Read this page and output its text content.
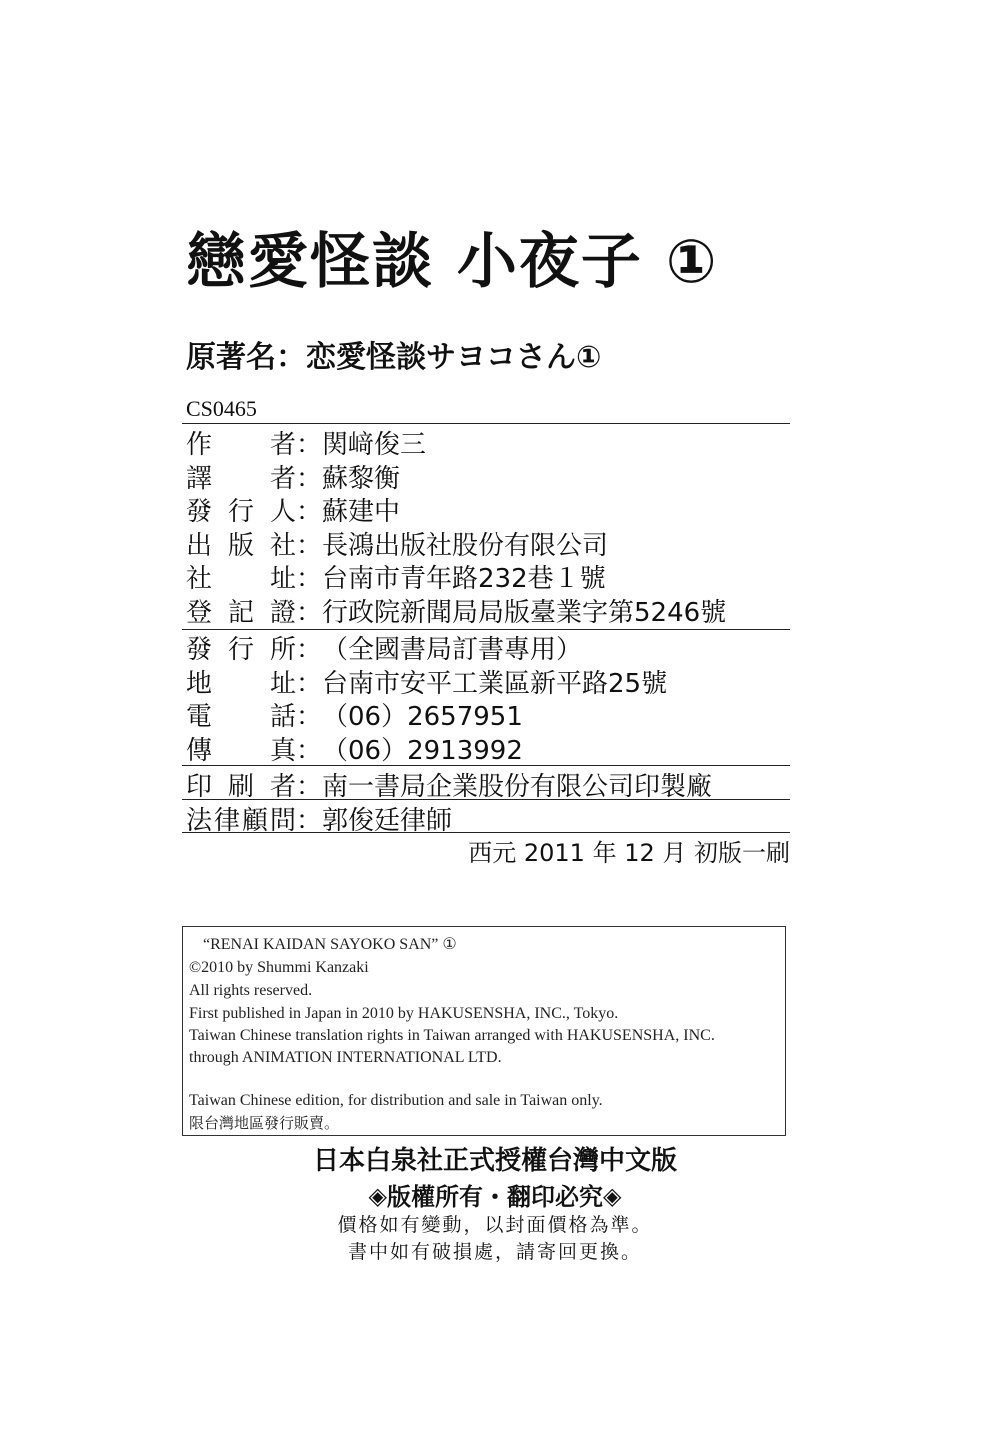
戀愛怪談 小夜子 ①
原著名：恋愛怪談サヨコさん①
CS0465
作 者 ： 関﨑俊三
譯 者 ： 蘇黎衡
發 行 人 ： 蘇建中
出 版 社 ： 長鴻出版社股份有限公司
社 址 ： 台南市青年路232巷１號
登 記 證 ： 行政院新聞局局版臺業字第5246號
發 行 所 ： （全國書局訂書專用）
地 址 ： 台南市安平工業區新平路25號
電 話 ： （06）2657951
傳 真 ： （06）2913992
印 刷 者 ： 南一書局企業股份有限公司印製廠
法 律 顧 問 ： 郭俊廷律師
西元 2011 年 12 月 初版一刷
“RENAI KAIDAN SAYOKO SAN” ①
©2010 by Shummi Kanzaki
All rights reserved.
First published in Japan in 2010 by HAKUSENSHA, INC., Tokyo.
Taiwan Chinese translation rights in Taiwan arranged with HAKUSENSHA, INC.
through ANIMATION INTERNATIONAL LTD.
Taiwan Chinese edition, for distribution and sale in Taiwan only.
限台灣地區發行販賣。
日本白泉社正式授權台灣中文版
◈版權所有・翻印必究◈
價格如有變動，以封面價格為準。
書中如有破損處，請寄回更換。
